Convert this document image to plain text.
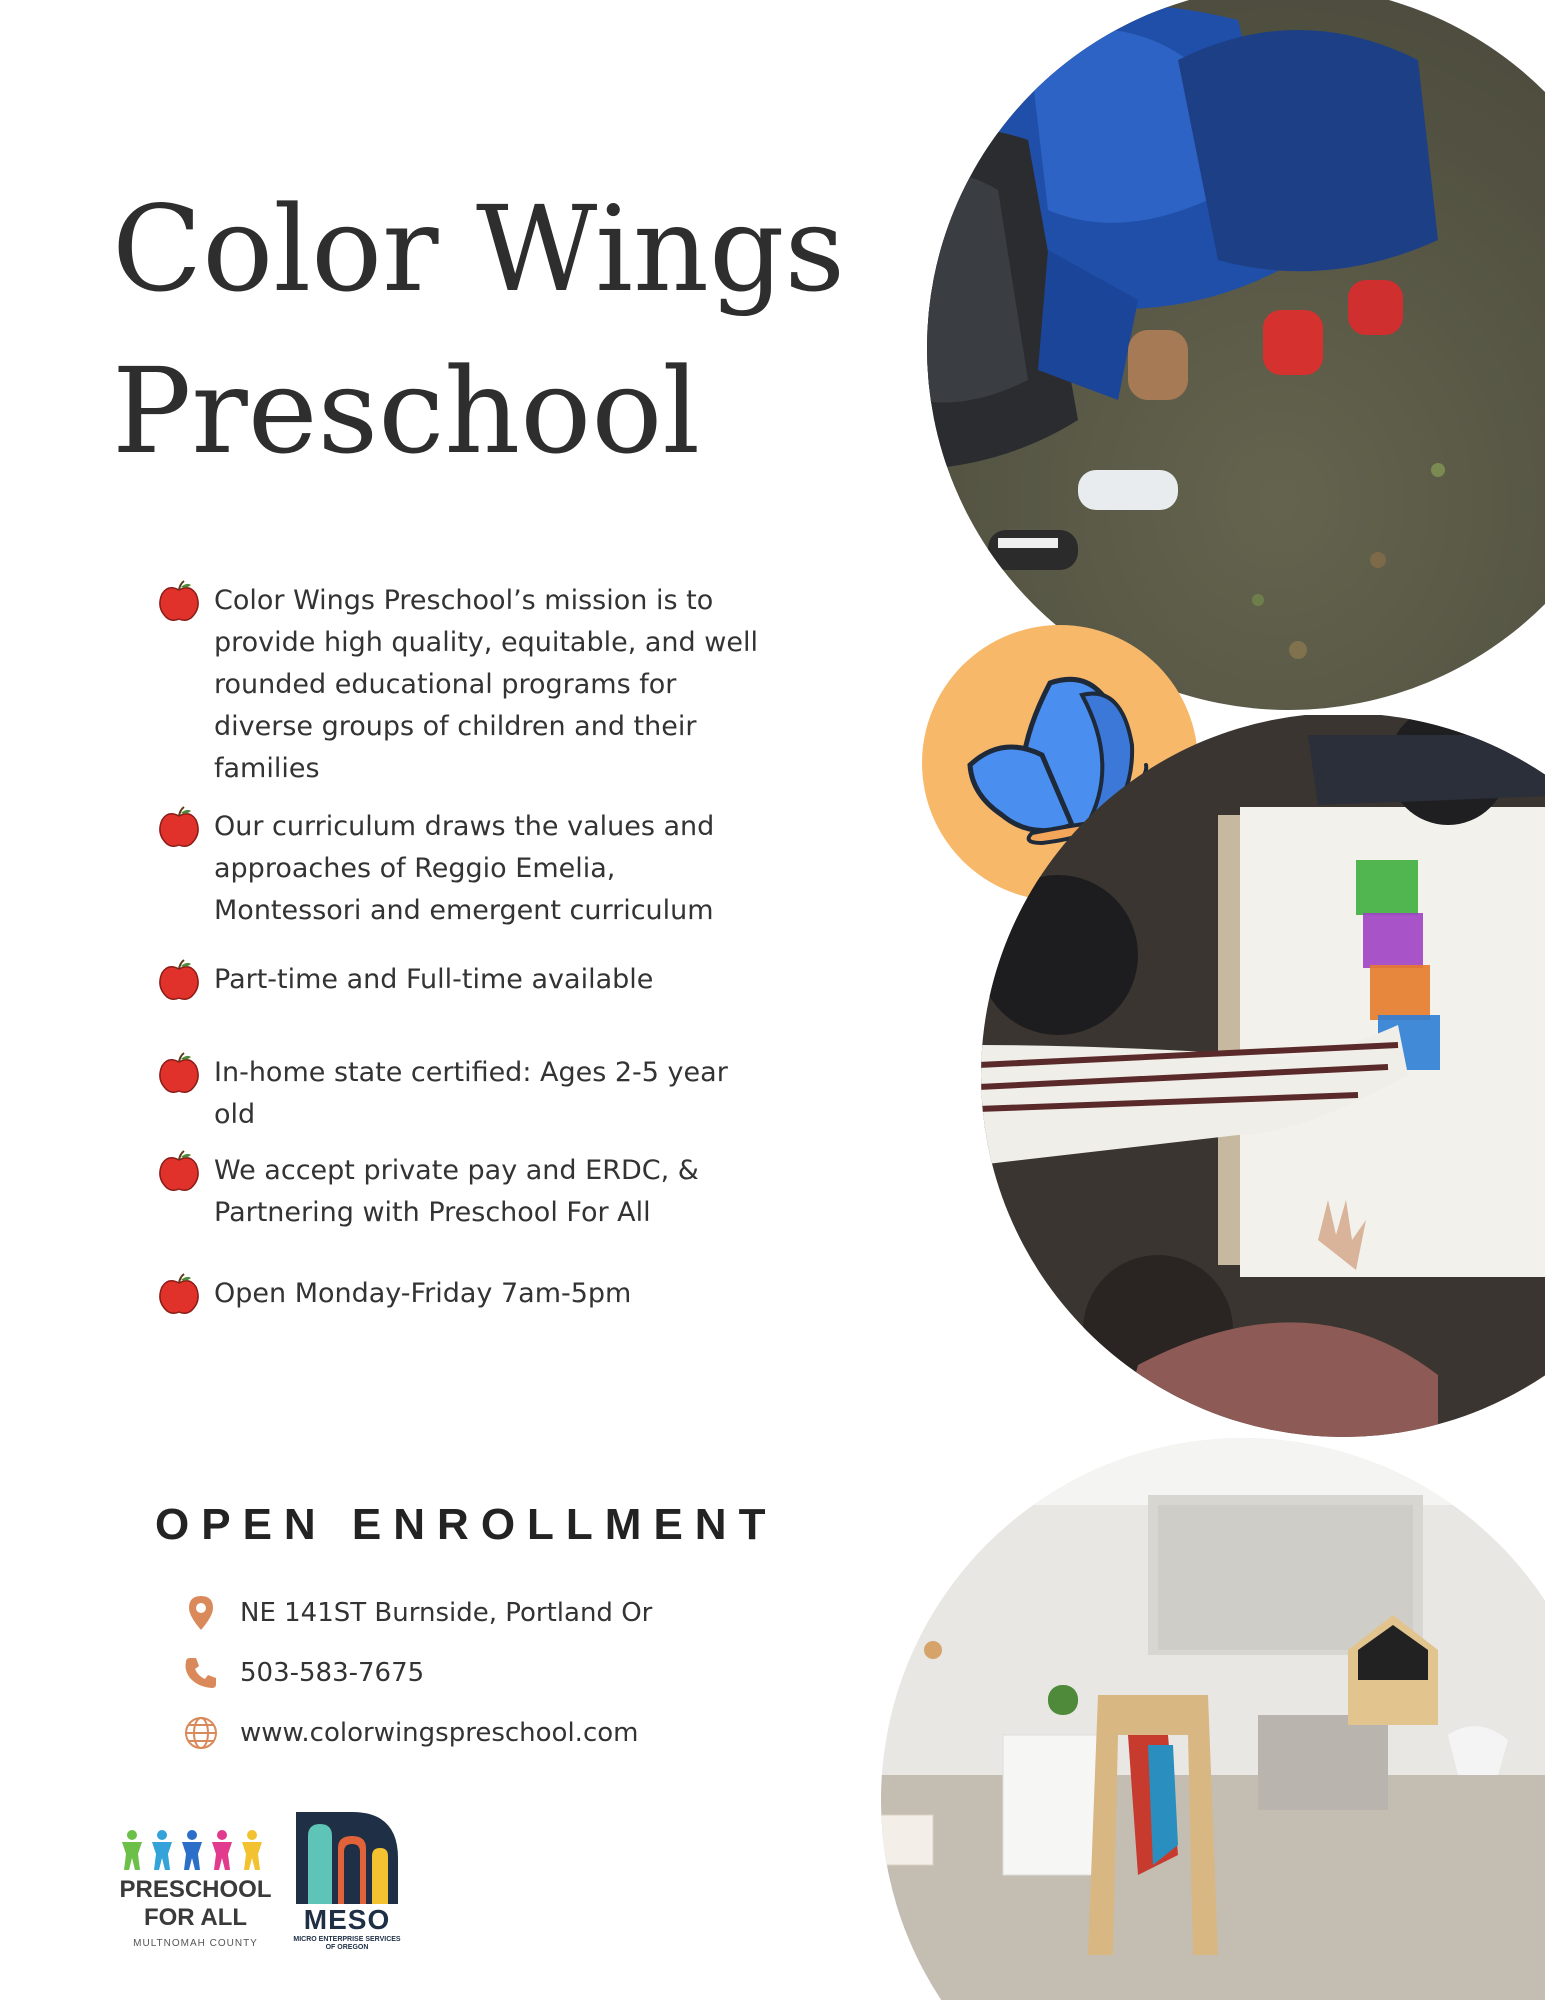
Color Wings
Preschool
Color Wings Preschool’s mission is to
provide high quality, equitable, and well
rounded educational programs for
diverse groups of children and their
families
Our curriculum draws the values and
approaches of Reggio Emelia,
Montessori and emergent curriculum
Part-time and Full-time available
In-home state certified: Ages 2-5 year old
We accept private pay and ERDC, &
Partnering with Preschool For All
Open Monday-Friday 7am-5pm
OPEN ENROLLMENT
NE 141ST Burnside, Portland Or
503-583-7675
www.colorwingspreschool.com
PRESCHOOL
FOR ALL
MULTNOMAH COUNTY
MESO
MICRO ENTERPRISE SERVICES OF OREGON
